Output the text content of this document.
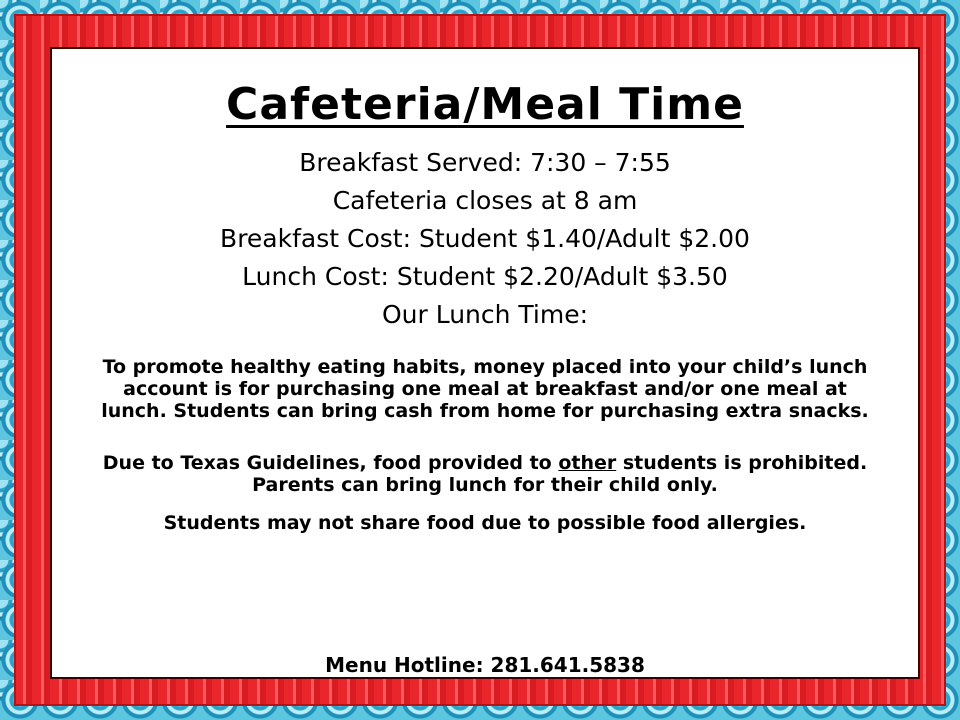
Cafeteria/Meal Time
Breakfast Served: 7:30 – 7:55
Cafeteria closes at 8 am
Breakfast Cost: Student $1.40/Adult $2.00
Lunch Cost: Student $2.20/Adult $3.50
Our Lunch Time:
To promote healthy eating habits, money placed into your child’s lunch account is for purchasing one meal at breakfast and/or one meal at lunch. Students can bring cash from home for purchasing extra snacks.
Due to Texas Guidelines, food provided to other students is prohibited. Parents can bring lunch for their child only.
Students may not share food due to possible food allergies.
Menu Hotline: 281.641.5838
